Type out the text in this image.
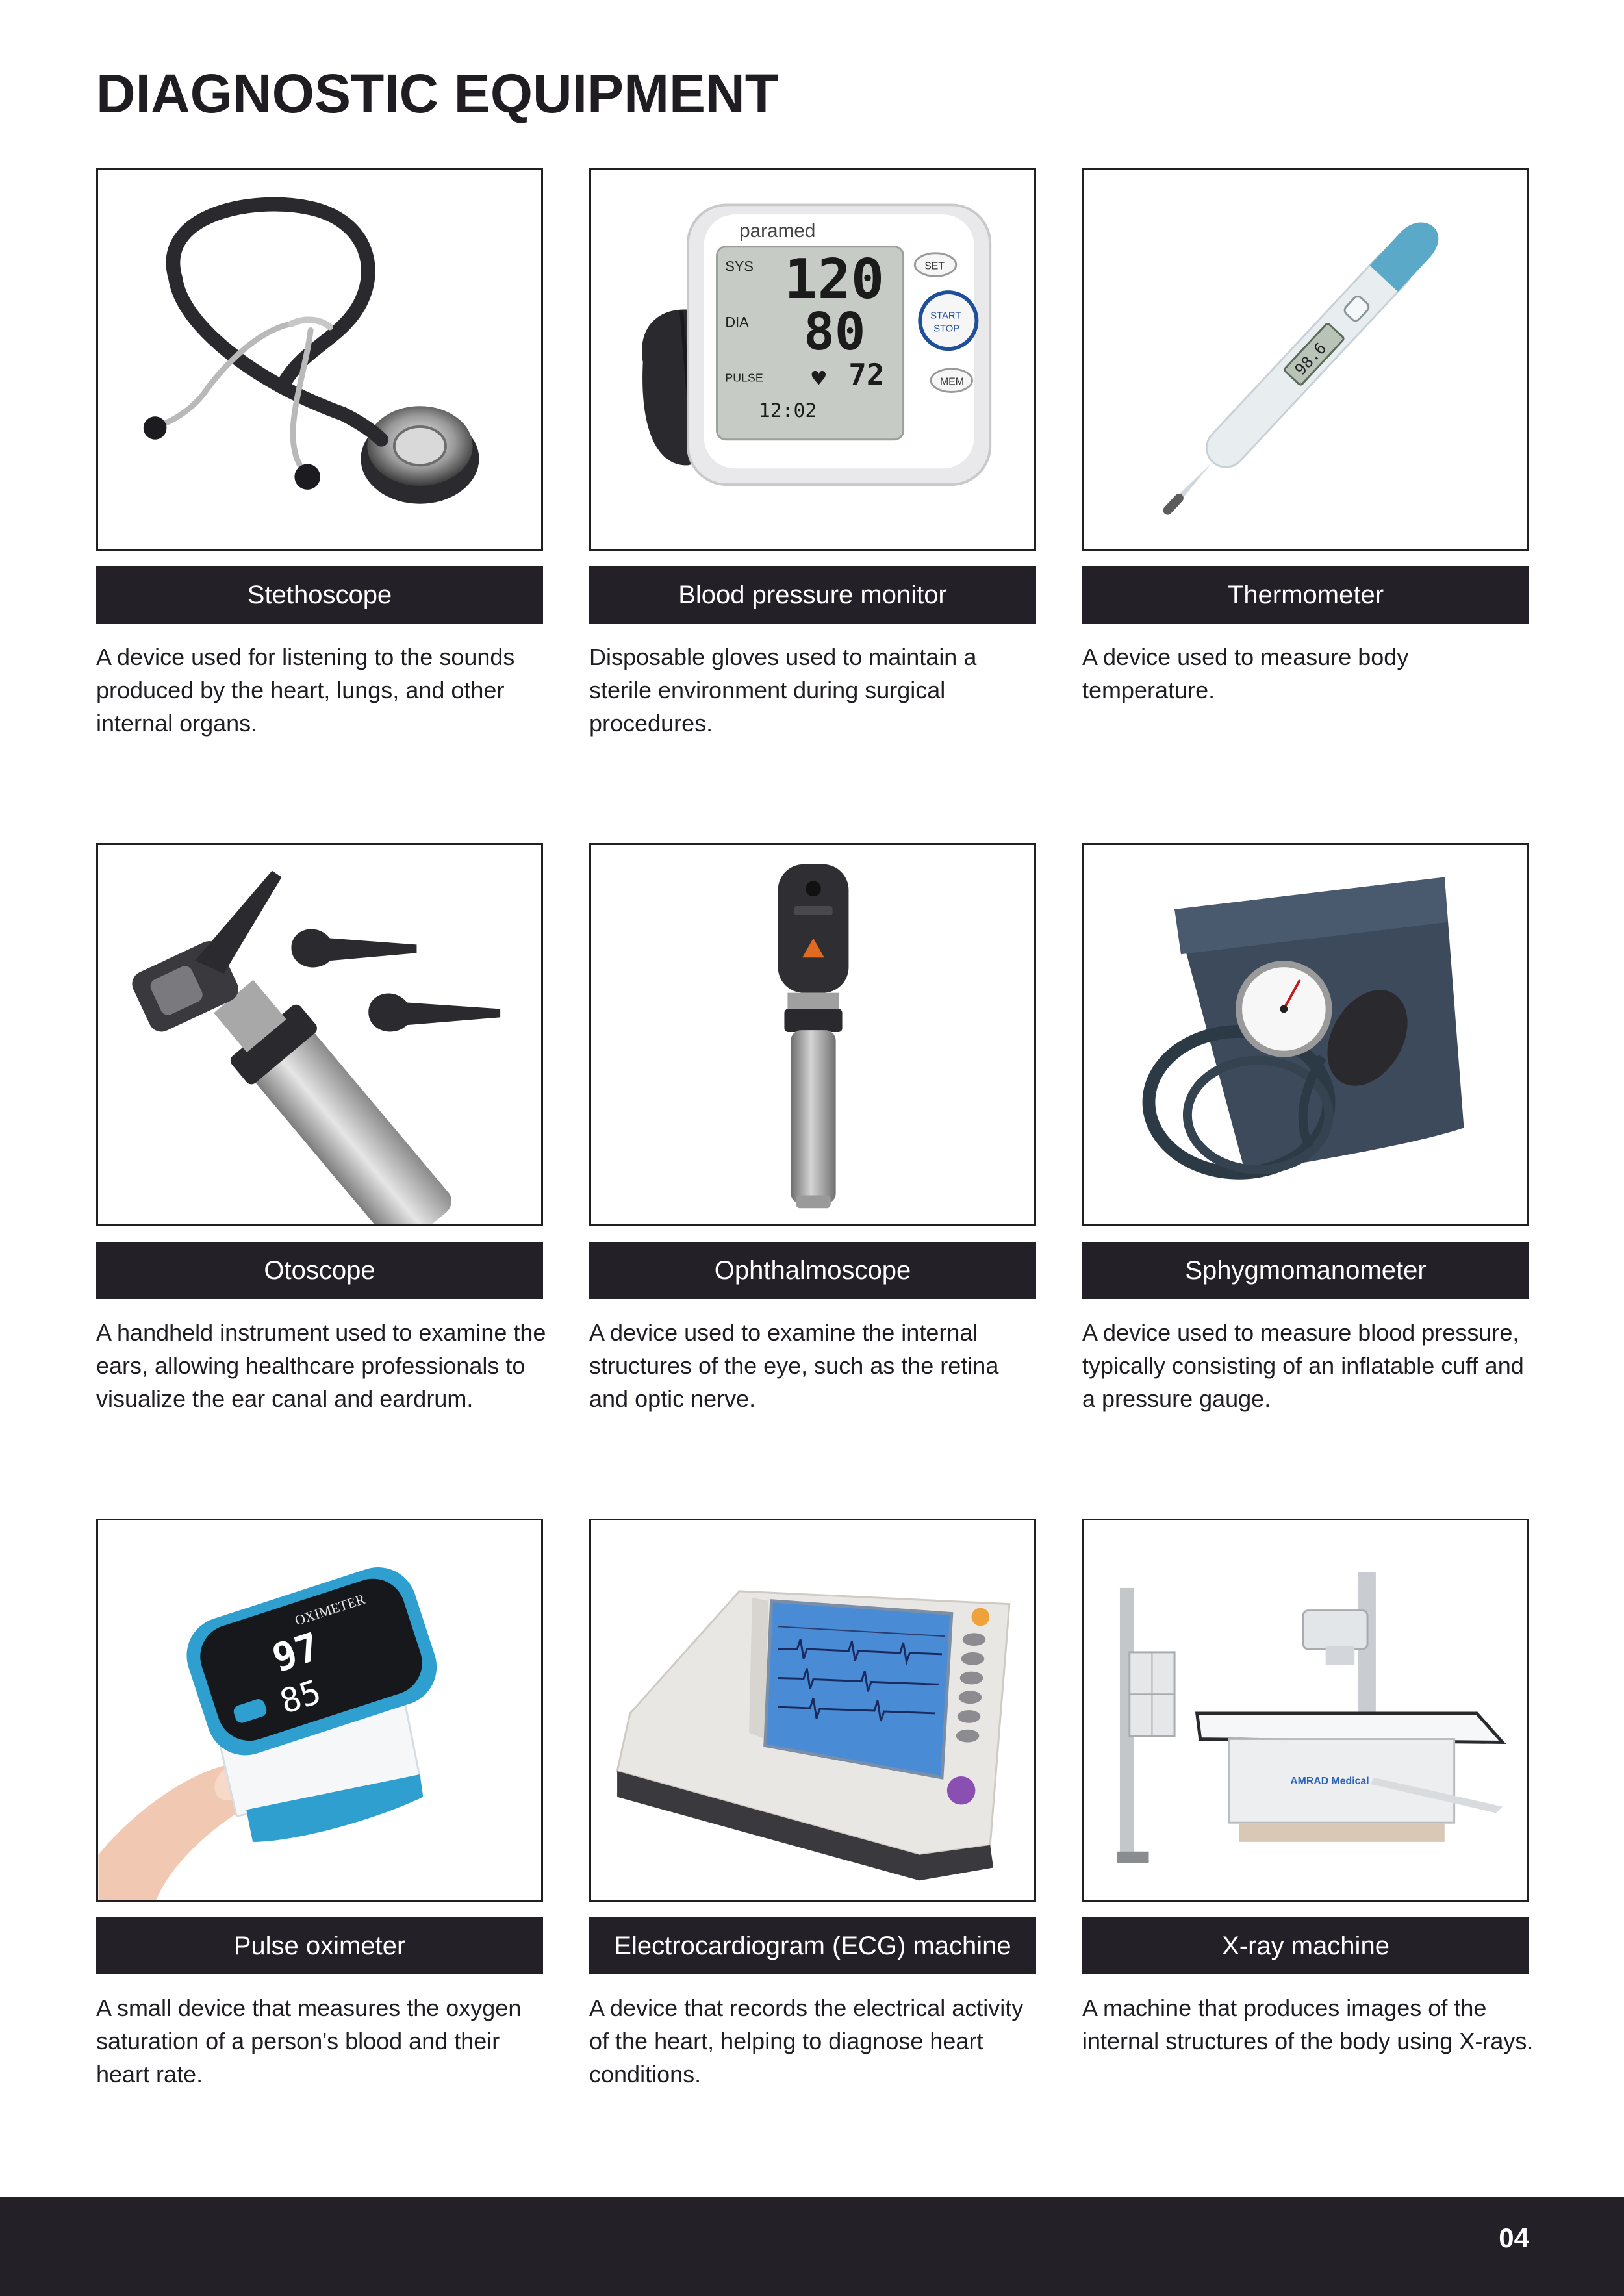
DIAGNOSTIC EQUIPMENT
Stethoscope
A device used for listening to the sounds produced by the heart, lungs, and other internal organs.
paramed
SYS 120
DIA 80
PULSE ♥ 72
12:02
SET
START
STOP
MEM
Blood pressure monitor
Disposable gloves used to maintain a sterile environment during surgical procedures.
98.6
Thermometer
A device used to measure body temperature.
Otoscope
A handheld instrument used to examine the ears, allowing healthcare professionals to visualize the ear canal and eardrum.
Ophthalmoscope
A device used to examine the internal structures of the eye, such as the retina and optic nerve.
Sphygmomanometer
A device used to measure blood pressure, typically consisting of an inflatable cuff and a pressure gauge.
OXIMETER
97
85
Pulse oximeter
A small device that measures the oxygen saturation of a person's blood and their heart rate.
Electrocardiogram (ECG) machine
A device that records the electrical activity of the heart, helping to diagnose heart conditions.
AMRAD Medical
X-ray machine
A machine that produces images of the internal structures of the body using X-rays.
04
